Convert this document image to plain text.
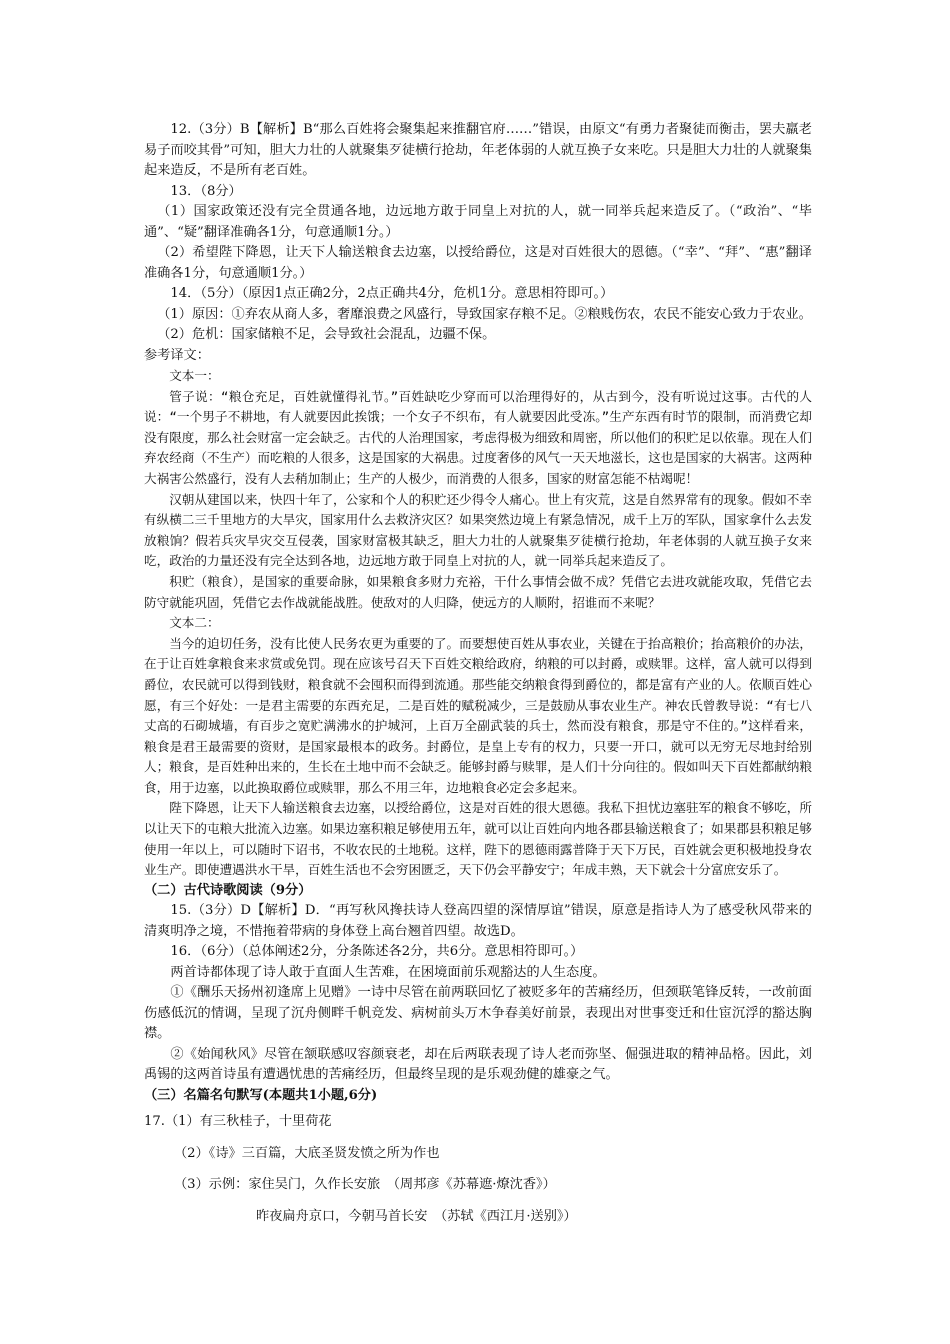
12.（3分）B【解析】B“那么百姓将会聚集起来推翻官府……”错误，由原文“有勇力者聚徒而衡击，罢夫羸老易子而咬其骨”可知，胆大力壮的人就聚集歹徒横行抢劫，年老体弱的人就互换子女来吃。只是胆大力壮的人就聚集起来造反，不是所有老百姓。

13．（8分）

（1）国家政策还没有完全贯通各地，边远地方敢于同皇上对抗的人，就一同举兵起来造反了。（“政治”、“毕通”、“疑”翻译准确各1分，句意通顺1分。）

（2）希望陛下降恩，让天下人输送粮食去边塞，以授给爵位，这是对百姓很大的恩德。（“幸”、“拜”、“惠”翻译准确各1分，句意通顺1分。）

14．（5分）（原因1点正确2分，2点正确共4分，危机1分。意思相符即可。）

（1）原因：①弃农从商人多，奢靡浪费之风盛行，导致国家存粮不足。②粮贱伤农，农民不能安心致力于农业。

（2）危机：国家储粮不足，会导致社会混乱，边疆不保。

参考译文：

文本一：

管子说：“粮仓充足，百姓就懂得礼节。”百姓缺吃少穿而可以治理得好的，从古到今，没有听说过这事。古代的人说：“一个男子不耕地，有人就要因此挨饿；一个女子不织布，有人就要因此受冻。”生产东西有时节的限制，而消费它却没有限度，那么社会财富一定会缺乏。古代的人治理国家，考虑得极为细致和周密，所以他们的积贮足以依靠。现在人们弃农经商（不生产）而吃粮的人很多，这是国家的大祸患。过度奢侈的风气一天天地滋长，这也是国家的大祸害。这两种大祸害公然盛行，没有人去稍加制止；生产的人极少，而消费的人很多，国家的财富怎能不枯竭呢！

汉朝从建国以来，快四十年了，公家和个人的积贮还少得令人痛心。世上有灾荒，这是自然界常有的现象。假如不幸有纵横二三千里地方的大旱灾，国家用什么去救济灾区？如果突然边境上有紧急情况，成千上万的军队，国家拿什么去发放粮饷？假若兵灾旱灾交互侵袭，国家财富极其缺乏，胆大力壮的人就聚集歹徒横行抢劫，年老体弱的人就互换子女来吃，政治的力量还没有完全达到各地，边远地方敢于同皇上对抗的人，就一同举兵起来造反了。

积贮（粮食），是国家的重要命脉，如果粮食多财力充裕，干什么事情会做不成？凭借它去进攻就能攻取，凭借它去防守就能巩固，凭借它去作战就能战胜。使敌对的人归降，使远方的人顺附，招谁而不来呢？

文本二：

当今的迫切任务，没有比使人民务农更为重要的了。而要想使百姓从事农业，关键在于抬高粮价；抬高粮价的办法，在于让百姓拿粮食来求赏或免罚。现在应该号召天下百姓交粮给政府，纳粮的可以封爵，或赎罪。这样，富人就可以得到爵位，农民就可以得到钱财，粮食就不会囤积而得到流通。那些能交纳粮食得到爵位的，都是富有产业的人。依顺百姓心愿，有三个好处：一是君主需要的东西充足，二是百姓的赋税减少，三是鼓励从事农业生产。神农氏曾教导说：“有七八丈高的石砌城墙，有百步之宽贮满沸水的护城河，上百万全副武装的兵士，然而没有粮食，那是守不住的。”这样看来，粮食是君王最需要的资财，是国家最根本的政务。封爵位，是皇上专有的权力，只要一开口，就可以无穷无尽地封给别人；粮食，是百姓种出来的，生长在土地中而不会缺乏。能够封爵与赎罪，是人们十分向往的。假如叫天下百姓都献纳粮食，用于边塞，以此换取爵位或赎罪，那么不用三年，边地粮食必定会多起来。

陛下降恩，让天下人输送粮食去边塞，以授给爵位，这是对百姓的很大恩德。我私下担忧边塞驻军的粮食不够吃，所以让天下的屯粮大批流入边塞。如果边塞积粮足够使用五年，就可以让百姓向内地各郡县输送粮食了；如果郡县积粮足够使用一年以上，可以随时下诏书，不收农民的土地税。这样，陛下的恩德雨露普降于天下万民，百姓就会更积极地投身农业生产。即使遭遇洪水干旱，百姓生活也不会穷困匮乏，天下仍会平静安宁；年成丰熟，天下就会十分富庶安乐了。

（二）古代诗歌阅读（9分）

15.（3分）D【解析】D．“再写秋风搀扶诗人登高四望的深情厚谊”错误，原意是指诗人为了感受秋风带来的清爽明净之境，不惜拖着带病的身体登上高台翘首四望。故选D。

16．（6分）（总体阐述2分，分条陈述各2分，共6分。意思相符即可。）

两首诗都体现了诗人敢于直面人生苦难，在困境面前乐观豁达的人生态度。

①《酬乐天扬州初逢席上见赠》一诗中尽管在前两联回忆了被贬多年的苦痛经历，但颈联笔锋反转，一改前面伤感低沉的情调，呈现了沉舟侧畔千帆竞发、病树前头万木争春美好前景，表现出对世事变迁和仕宦沉浮的豁达胸襟。

②《始闻秋风》尽管在颔联感叹容颜衰老，却在后两联表现了诗人老而弥坚、倔强进取的精神品格。因此，刘禹锡的这两首诗虽有遭遇忧患的苦痛经历，但最终呈现的是乐观劲健的雄豪之气。

（三）名篇名句默写(本题共1小题,6分)

17.（1）有三秋桂子，十里荷花

（2）《诗》三百篇，大底圣贤发愤之所为作也

（3）示例：家住吴门，久作长安旅　（周邦彦《苏幕遮·燎沈香》）

昨夜扁舟京口，今朝马首长安　（苏轼《西江月·送别》）
